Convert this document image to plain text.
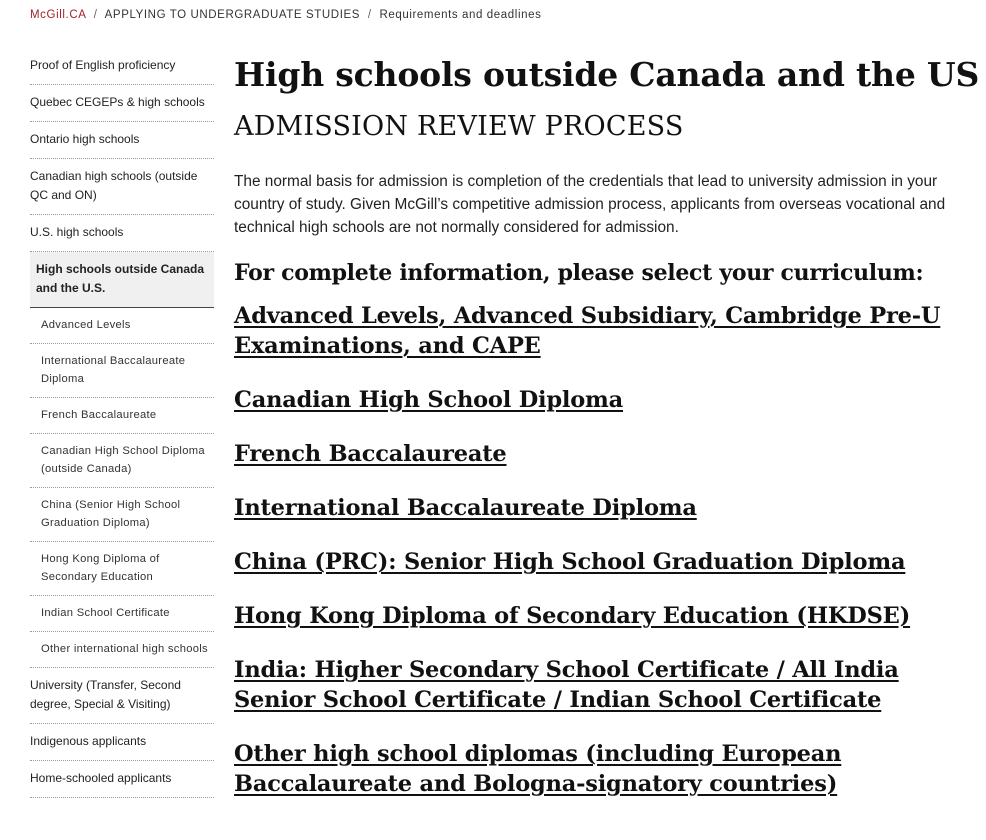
McGill.CA / APPLYING TO UNDERGRADUATE STUDIES / Requirements and deadlines
Proof of English proficiency
Quebec CEGEPs & high schools
Ontario high schools
Canadian high schools (outside QC and ON)
U.S. high schools
High schools outside Canada and the U.S.
Advanced Levels
International Baccalaureate Diploma
French Baccalaureate
Canadian High School Diploma (outside Canada)
China (Senior High School Graduation Diploma)
Hong Kong Diploma of Secondary Education
Indian School Certificate
Other international high schools
University (Transfer, Second degree, Special & Visiting)
Indigenous applicants
Home-schooled applicants
High schools outside Canada and the US
ADMISSION REVIEW PROCESS

The normal basis for admission is completion of the credentials that lead to university admission in your country of study. Given McGill’s competitive admission process, applicants from overseas vocational and technical high schools are not normally considered for admission.

For complete information, please select your curriculum:
Advanced Levels, Advanced Subsidiary, Cambridge Pre-U Examinations, and CAPE
Canadian High School Diploma
French Baccalaureate
International Baccalaureate Diploma
China (PRC): Senior High School Graduation Diploma
Hong Kong Diploma of Secondary Education (HKDSE)
India: Higher Secondary School Certificate / All India Senior School Certificate / Indian School Certificate
Other high school diplomas (including European Baccalaureate and Bologna-signatory countries)
